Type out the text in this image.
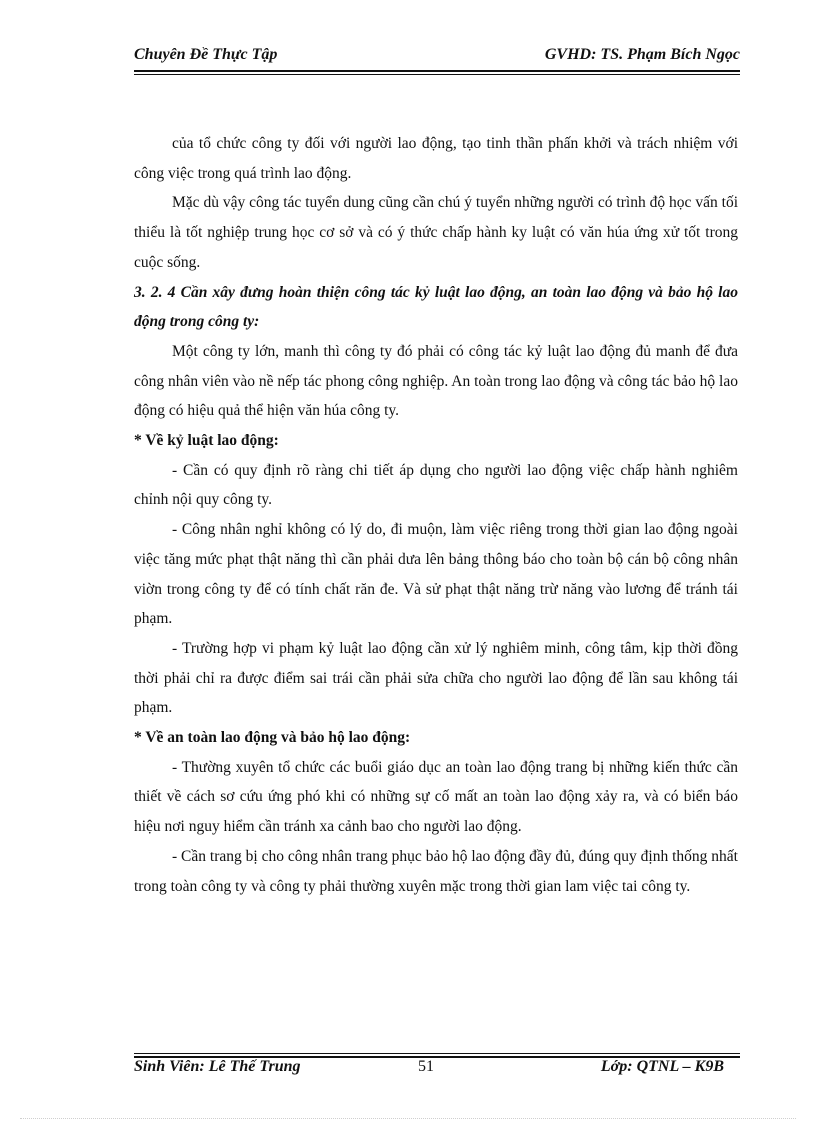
Chuyên Đề Thực Tập	GVHD: TS. Phạm Bích Ngọc

của tổ chức công ty đối với người lao động, tạo tinh thần phấn khởi và trách nhiệm với công việc trong quá trình lao động.

Mặc dù vậy công tác tuyển dung cũng cần chú ý tuyển những người có trình độ học vấn tối thiểu là tốt nghiệp trung học cơ sở và có ý thức chấp hành ky luật có văn húa ứng xử tốt trong cuộc sống.

3. 2. 4 Cần xây đưng hoàn thiện công tác kỷ luật lao động, an toàn lao động và bảo hộ lao động trong công ty:

Một công ty lớn, manh thì công ty đó phải có công tác kỷ luật lao động đủ manh để đưa công nhân viên vào nề nếp tác phong công nghiệp. An toàn trong lao động và công tác bảo hộ lao động có hiệu quả thể hiện văn húa công ty.

* Về kỷ luật lao động:

- Cần có quy định rõ ràng chi tiết áp dụng cho người lao động việc chấp hành nghiêm chỉnh nội quy công ty.

- Công nhân nghỉ không có lý do, đi muộn, làm việc riêng trong thời gian lao động ngoài việc tăng mức phạt thật năng thì cần phải dưa lên bảng thông báo cho toàn bộ cán bộ công nhân viờn trong công ty để có tính chất răn đe. Và sử phạt thật năng trừ năng vào lương để tránh tái phạm.

- Trường hợp vi phạm kỷ luật lao động cần xử lý nghiêm minh, công tâm, kịp thời đồng thời phải chỉ ra được điểm sai trái cần phải sửa chữa cho người lao động để lần sau không tái phạm.

* Về an toàn lao động và bảo hộ lao động:

- Thường xuyên tổ chức các buổi giáo dục an toàn lao động trang bị những kiến thức cần thiết về cách sơ cứu ứng phó khi có những sự cố mất an toàn lao động xảy ra, và có biển báo hiệu nơi nguy hiểm cần tránh xa cảnh bao cho người lao động.

- Cần trang bị cho công nhân trang phục bảo hộ lao động đầy đủ, đúng quy định thống nhất trong toàn công ty và công ty phải thường xuyên mặc trong thời gian lam việc tai công ty.

Sinh Viên: Lê Thế Trung	51	Lớp: QTNL – K9B
